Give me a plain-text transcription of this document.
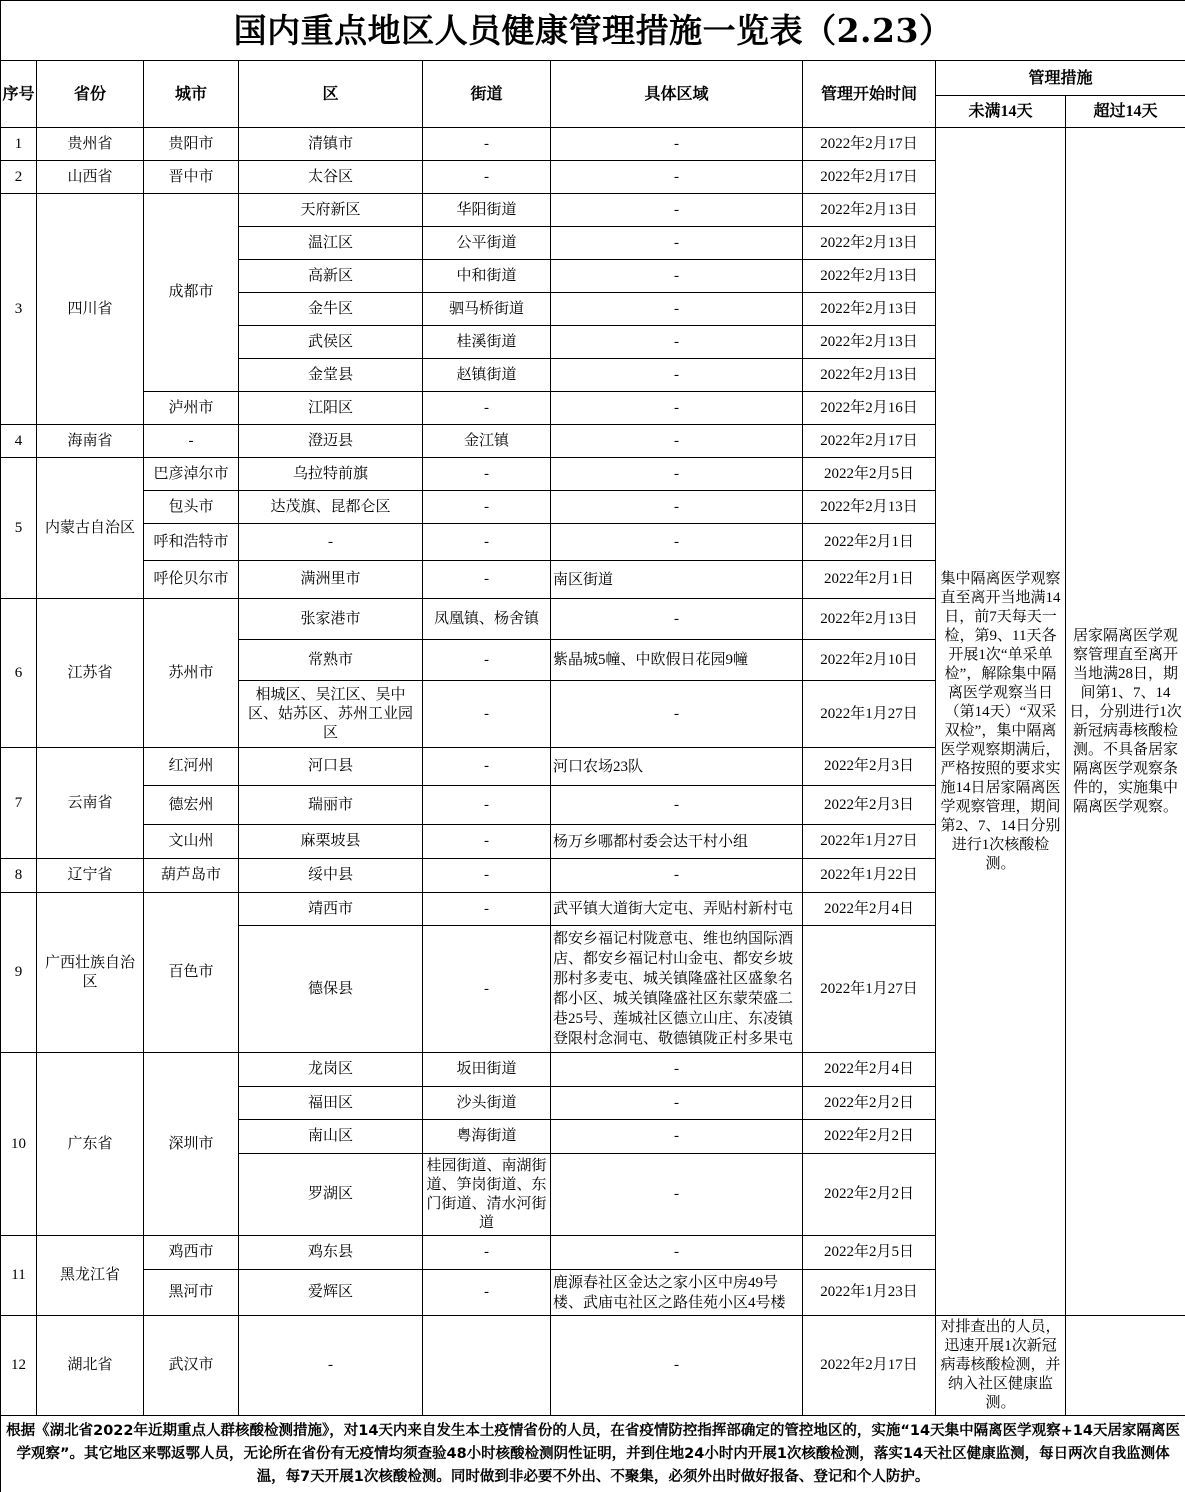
国内重点地区人员健康管理措施一览表（2.23）								
序号	省份	城市	区	街道	具体区域	管理开始时间	管理措施	
							未满14天	超过14天
1	贵州省	贵阳市	清镇市	-	-	2022年2月17日	集中隔离医学观察直至离开当地满14日，前7天每天一检，第9、11天各开展1次“单采单检”，解除集中隔离医学观察当日（第14天）“双采双检”，集中隔离医学观察期满后，严格按照的要求实施14日居家隔离医学观察管理，期间第2、7、14日分别进行1次核酸检测。	居家隔离医学观察管理直至离开当地满28日，期间第1、7、14日，分别进行1次新冠病毒核酸检测。不具备居家隔离医学观察条件的，实施集中隔离医学观察。
2	山西省	晋中市	太谷区	-	-	2022年2月17日		
3	四川省	成都市	天府新区	华阳街道	-	2022年2月13日		
			温江区	公平街道	-	2022年2月13日		
			高新区	中和街道	-	2022年2月13日		
			金牛区	驷马桥街道	-	2022年2月13日		
			武侯区	桂溪街道	-	2022年2月13日		
			金堂县	赵镇街道	-	2022年2月13日		
		泸州市	江阳区	-	-	2022年2月16日		
4	海南省	-	澄迈县	金江镇	-	2022年2月17日		
5	内蒙古自治区	巴彦淖尔市	乌拉特前旗	-	-	2022年2月5日		
		包头市	达茂旗、昆都仑区	-	-	2022年2月13日		
		呼和浩特市	-	-	-	2022年2月1日		
		呼伦贝尔市	满洲里市	-	南区街道	2022年2月1日		
6	江苏省	苏州市	张家港市	凤凰镇、杨舍镇	-	2022年2月13日		
			常熟市	-	紫晶城5幢、中欧假日花园9幢	2022年2月10日		
			相城区、吴江区、吴中区、姑苏区、苏州工业园区	-	-	2022年1月27日		
7	云南省	红河州	河口县	-	河口农场23队	2022年2月3日		
		德宏州	瑞丽市	-	-	2022年2月3日		
		文山州	麻栗坡县	-	杨万乡哪都村委会达干村小组	2022年1月27日		
8	辽宁省	葫芦岛市	绥中县	-	-	2022年1月22日		
9	广西壮族自治区	百色市	靖西市	-	武平镇大道街大定屯、弄贴村新村屯	2022年2月4日		
			德保县	-	都安乡福记村陇意屯、维也纳国际酒店、都安乡福记村山金屯、都安乡坡那村多麦屯、城关镇隆盛社区盛象名都小区、城关镇隆盛社区东蒙荣盛二巷25号、莲城社区德立山庄、东凌镇登限村念洞屯、敬德镇陇正村多果屯	2022年1月27日		
10	广东省	深圳市	龙岗区	坂田街道	-	2022年2月4日		
			福田区	沙头街道	-	2022年2月2日		
			南山区	粤海街道	-	2022年2月2日		
			罗湖区	桂园街道、南湖街道、笋岗街道、东门街道、清水河街道	-	2022年2月2日		
11	黑龙江省	鸡西市	鸡东县	-	-	2022年2月5日		
		黑河市	爱辉区	-	鹿源春社区金达之家小区中房49号楼、武庙屯社区之路佳苑小区4号楼	2022年1月23日		
12	湖北省	武汉市	-		-	2022年2月17日	对排查出的人员，迅速开展1次新冠病毒核酸检测，并纳入社区健康监测。	
根据《湖北省2022年近期重点人群核酸检测措施》，对14天内来自发生本土疫情省份的人员，在省疫情防控指挥部确定的管控地区的，实施“14天集中隔离医学观察+14天居家隔离医学观察”。其它地区来鄂返鄂人员，无论所在省份有无疫情均须查验48小时核酸检测阴性证明，并到住地24小时内开展1次核酸检测，落实14天社区健康监测，每日两次自我监测体温，每7天开展1次核酸检测。同时做到非必要不外出、不聚集，必须外出时做好报备、登记和个人防护。								
